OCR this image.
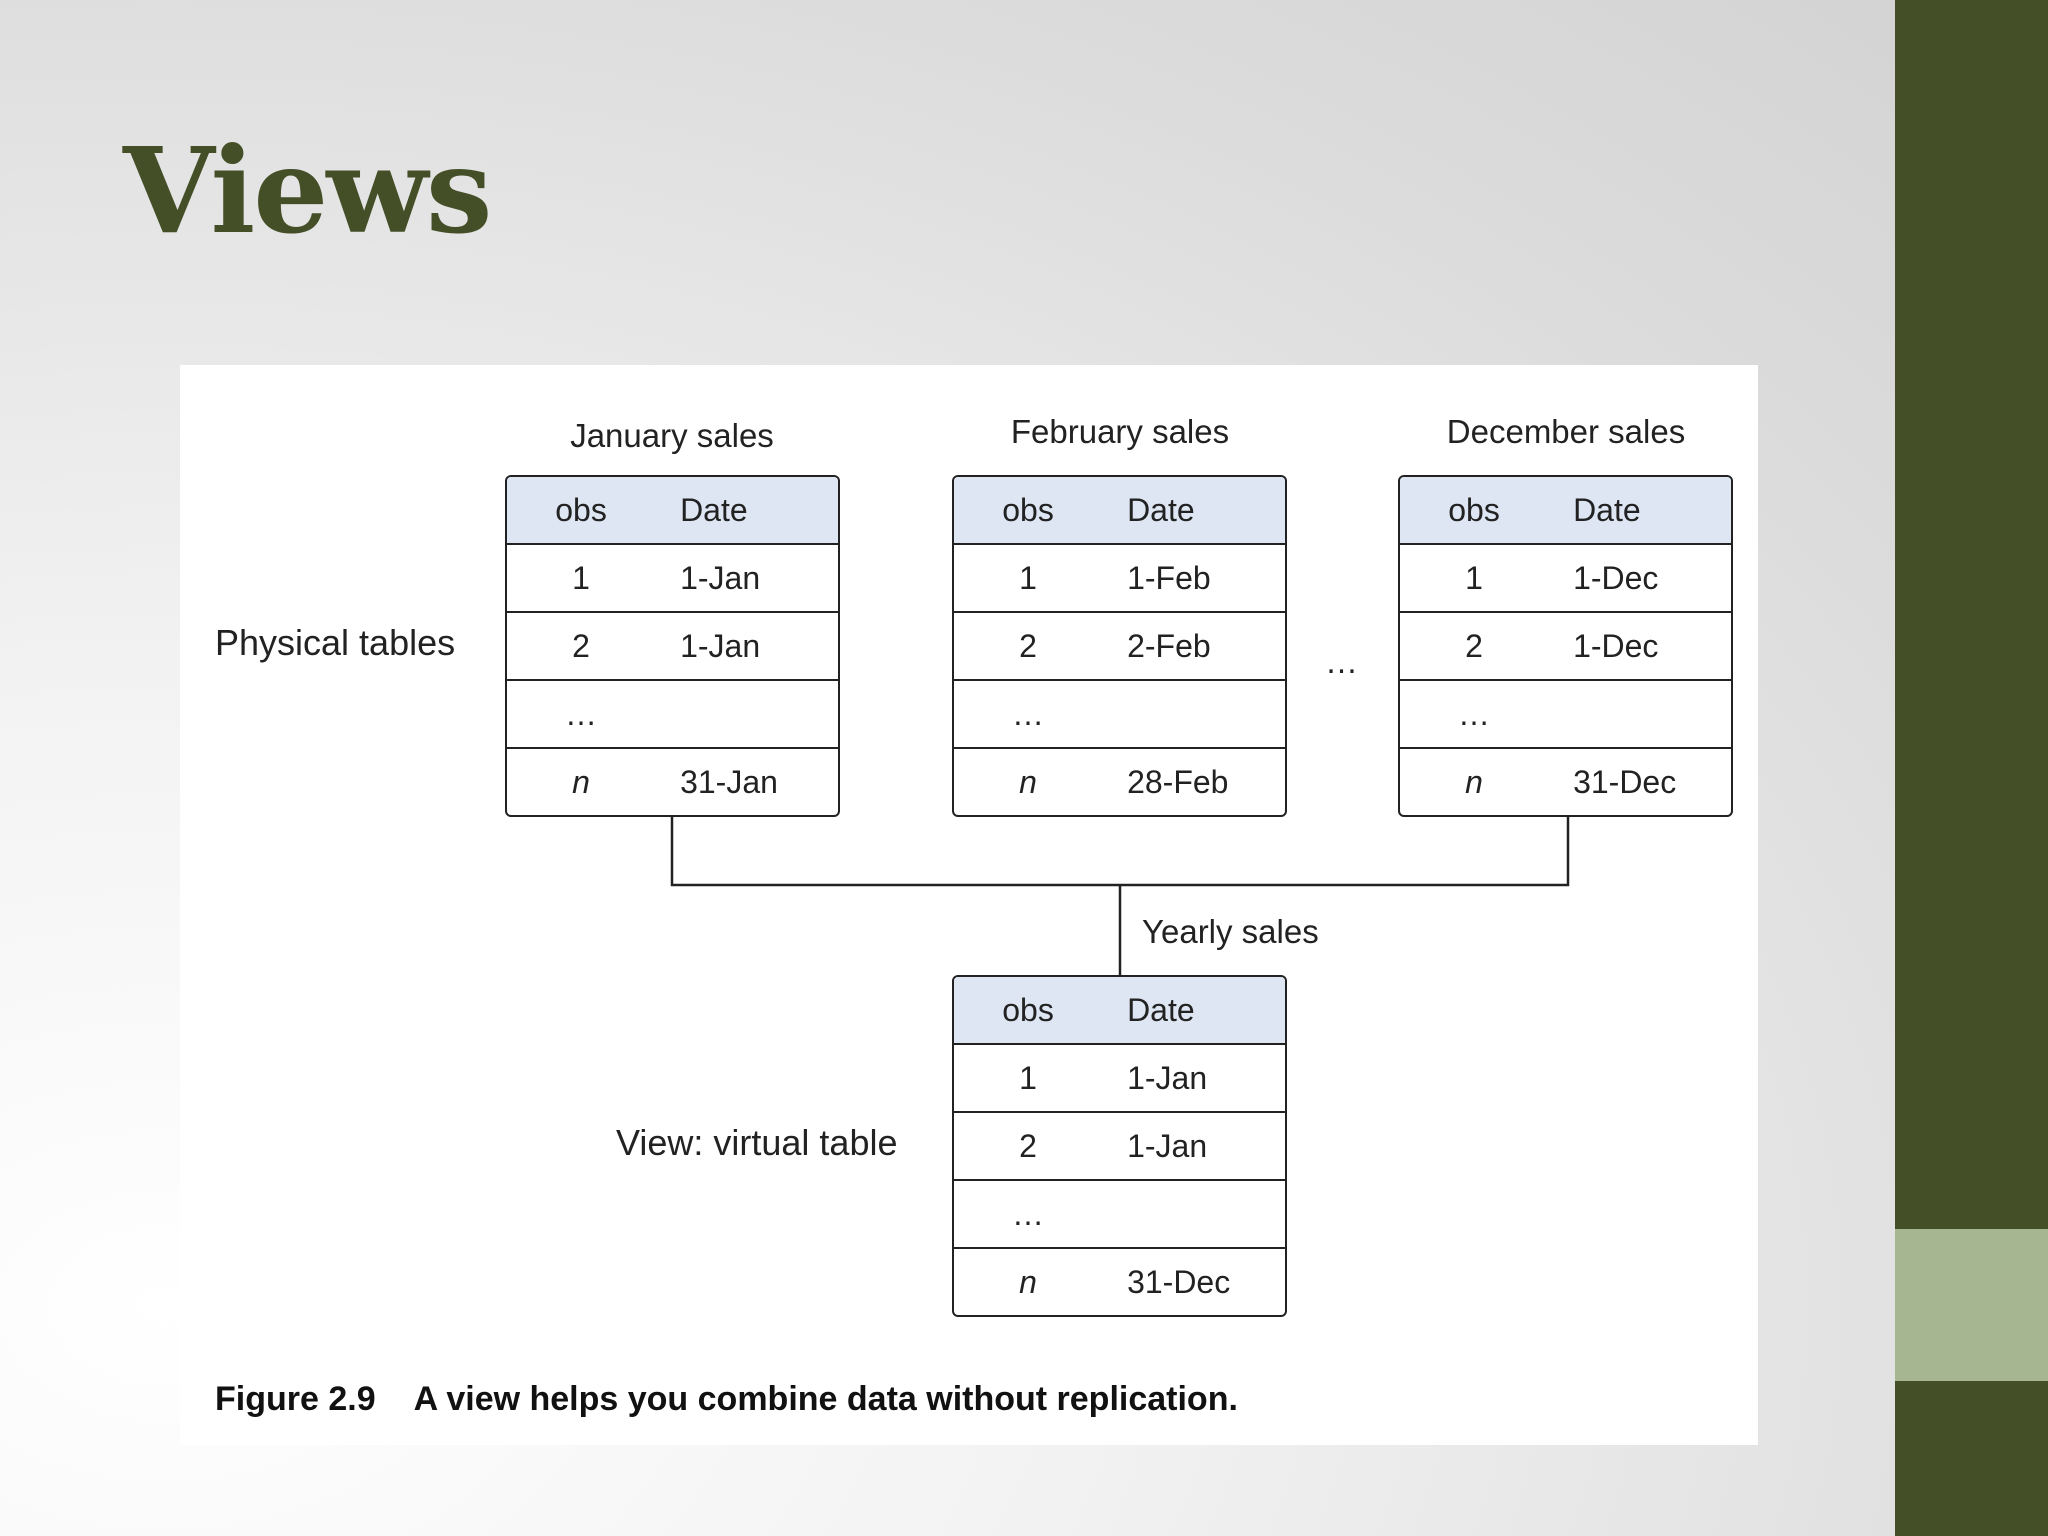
Views
January sales	February sales	December sales
Physical tables	…
obs	Date
1	1-Jan
2	1-Jan
…
n	31-Jan
obs	Date
1	1-Feb
2	2-Feb
…
n	28-Feb
obs	Date
1	1-Dec
2	1-Dec
…
n	31-Dec
Yearly sales
View: virtual table
obs	Date
1	1-Jan
2	1-Jan
…
n	31-Dec
Figure 2.9 A view helps you combine data without replication.
